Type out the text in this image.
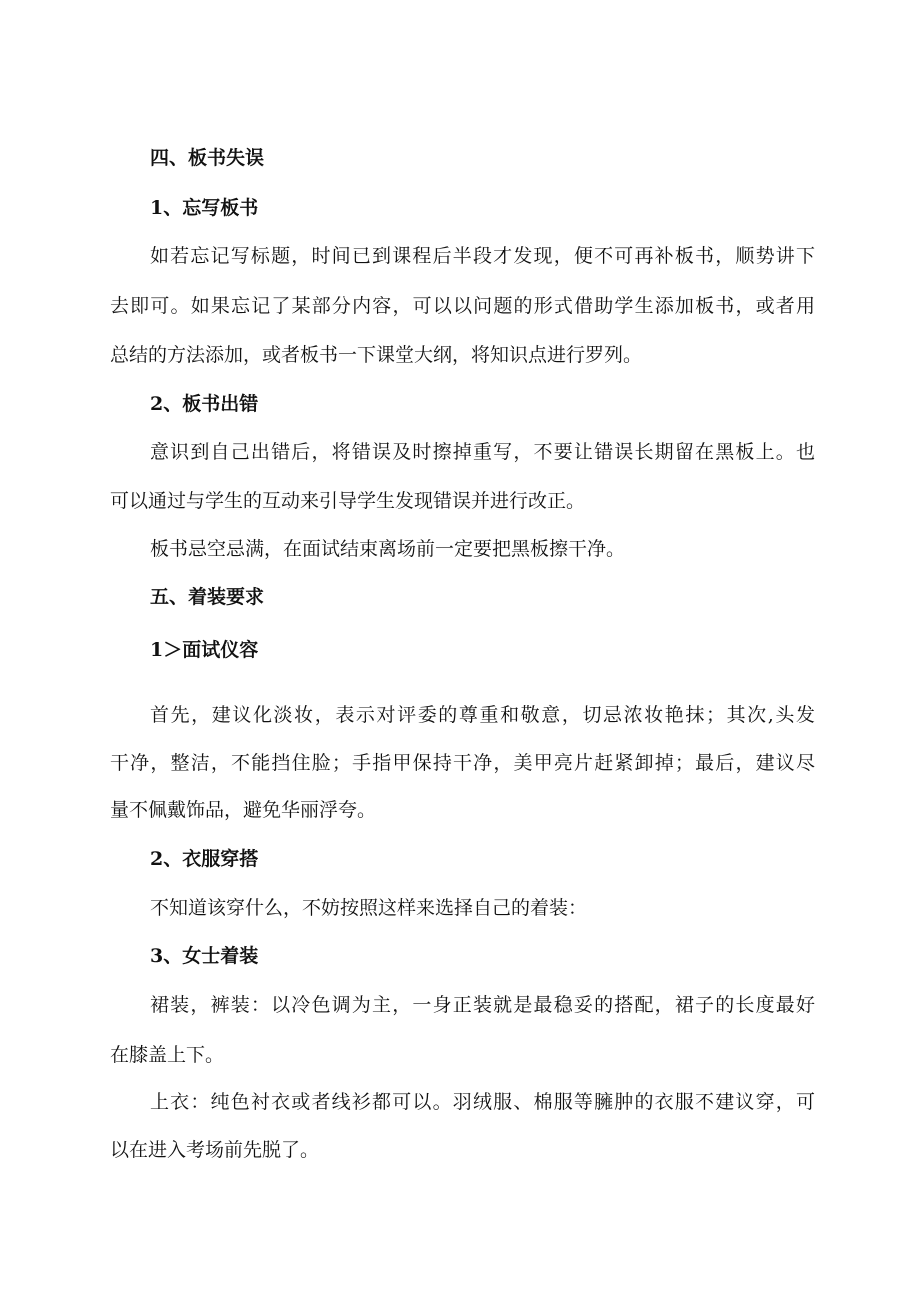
四、板书失误
1、忘写板书
如若忘记写标题，时间已到课程后半段才发现，便不可再补板书，顺势讲下
去即可。如果忘记了某部分内容，可以以问题的形式借助学生添加板书，或者用
总结的方法添加，或者板书一下课堂大纲，将知识点进行罗列。
2、板书出错
意识到自己出错后，将错误及时擦掉重写，不要让错误长期留在黑板上。也
可以通过与学生的互动来引导学生发现错误并进行改正。
板书忌空忌满，在面试结束离场前一定要把黑板擦干净。
五、着装要求
1＞面试仪容
首先，建议化淡妆，表示对评委的尊重和敬意，切忌浓妆艳抹；其次,头发
干净，整洁，不能挡住脸；手指甲保持干净，美甲亮片赶紧卸掉；最后，建议尽
量不佩戴饰品，避免华丽浮夸。
2、衣服穿搭
不知道该穿什么，不妨按照这样来选择自己的着装：
3、女士着装
裙装，裤装：以冷色调为主，一身正装就是最稳妥的搭配，裙子的长度最好
在膝盖上下。
上衣：纯色衬衣或者线衫都可以。羽绒服、棉服等臃肿的衣服不建议穿，可
以在进入考场前先脱了。
